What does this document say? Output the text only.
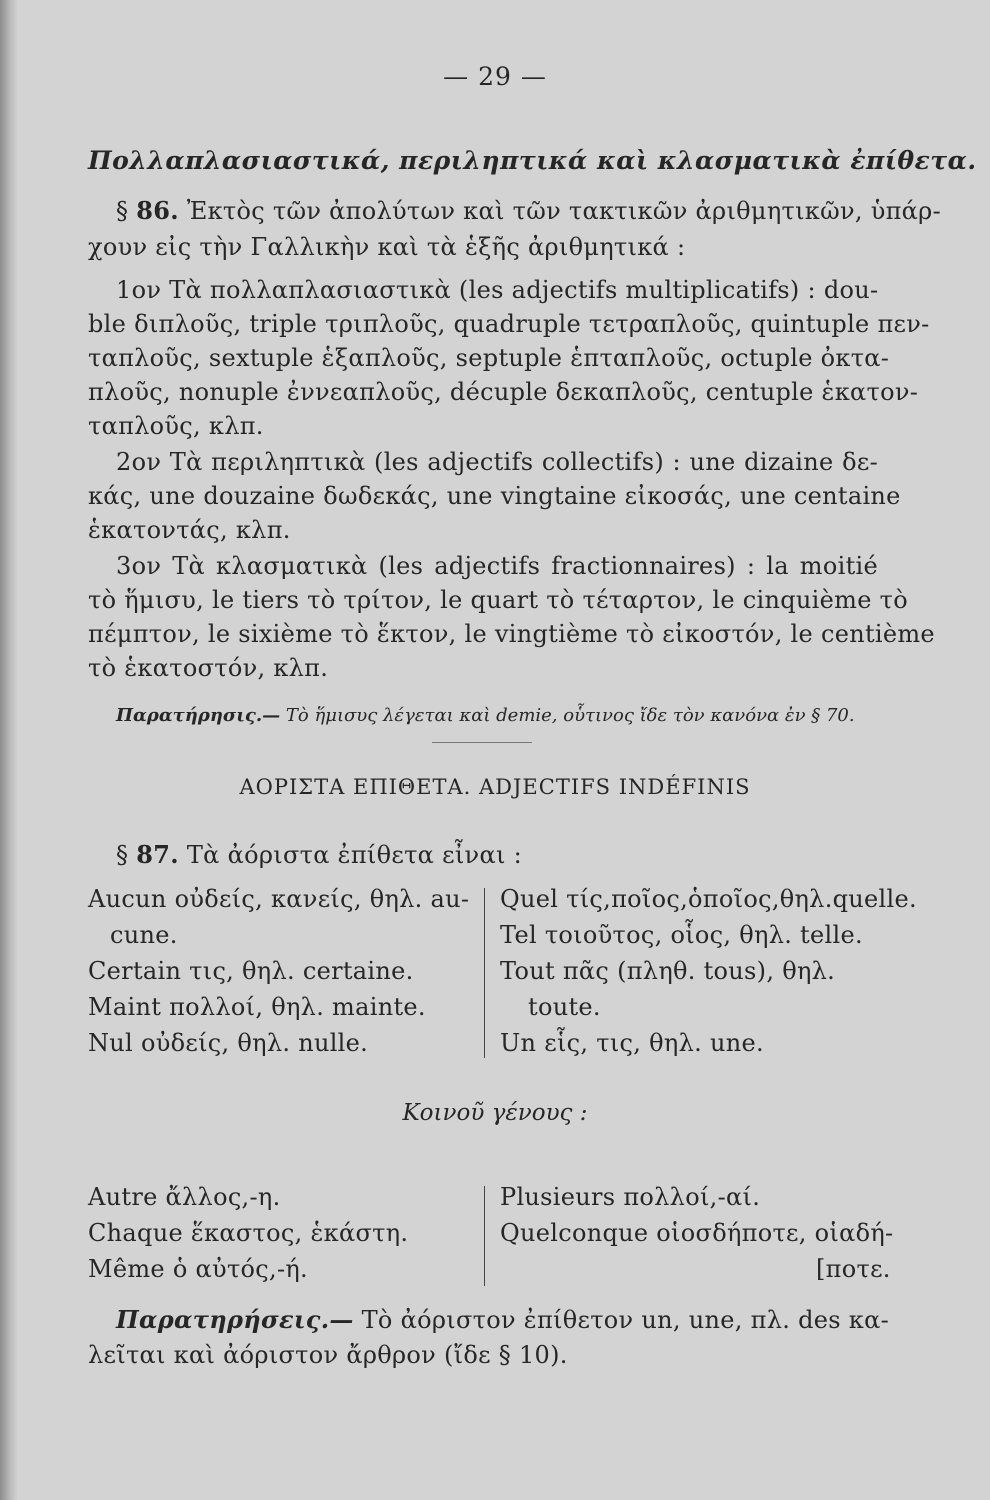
— 29 —
Πολλαπλασιαστικά, περιληπτικά καὶ κλασματικὰ ἐπίθετα.
§ 86. Ἐκτὸς τῶν ἀπολύτων καὶ τῶν τακτικῶν ἀριθμητικῶν, ὑπάρ-
χουν εἰς τὴν Γαλλικὴν καὶ τὰ ἑξῆς ἀριθμητικά :
1ον Τὰ πολλαπλασιαστικὰ (les adjectifs multiplicatifs) : dou-
ble διπλοῦς, triple τριπλοῦς, quadruple τετραπλοῦς, quintuple πεν-
ταπλοῦς, sextuple ἑξαπλοῦς, septuple ἑπταπλοῦς, octuple ὀκτα-
πλοῦς, nonuple ἐννεαπλοῦς, décuple δεκαπλοῦς, centuple ἑκατον-
ταπλοῦς, κλπ.
2ον Τὰ περιληπτικὰ (les adjectifs collectifs) : une dizaine δε-
κάς, une douzaine δωδεκάς, une vingtaine εἰκοσάς, une centaine
ἑκατοντάς, κλπ.
3ον Τὰ κλασματικὰ (les adjectifs fractionnaires) : la moitié
τὸ ἥμισυ, le tiers τὸ τρίτον, le quart τὸ τέταρτον, le cinquième τὸ
πέμπτον, le sixième τὸ ἕκτον, le vingtième τὸ εἰκοστόν, le centième
τὸ ἑκατοστόν, κλπ.
Παρατήρησις.— Τὸ ἥμισυς λέγεται καὶ demie, οὗτινος ἴδε τὸν κανόνα ἐν § 70.
ΑΟΡΙΣΤΑ ΕΠΙΘΕΤΑ. ADJECTIFS INDÉFINIS
§ 87. Τὰ ἀόριστα ἐπίθετα εἶναι :
Aucun οὐδείς, κανείς, θηλ. au-
cune.
Certain τις, θηλ. certaine.
Maint πολλοί, θηλ. mainte.
Nul οὐδείς, θηλ. nulle.
Quel τίς,ποῖος,ὁποῖος,θηλ.quelle.
Tel τοιοῦτος, οἷος, θηλ. telle.
Tout πᾶς (πληθ. tous), θηλ.
toute.
Un εἷς, τις, θηλ. une.
Κοινοῦ γένους :
Autre ἄλλος,-η.
Chaque ἕκαστος, ἑκάστη.
Même ὁ αὐτός,-ή.
Plusieurs πολλοί,-αί.
Quelconque οἱοσδήποτε, οἱαδή-
[ποτε.
Παρατηρήσεις.— Τὸ ἀόριστον ἐπίθετον un, une, πλ. des κα-
λεῖται καὶ ἀόριστον ἄρθρον (ἴδε § 10).
